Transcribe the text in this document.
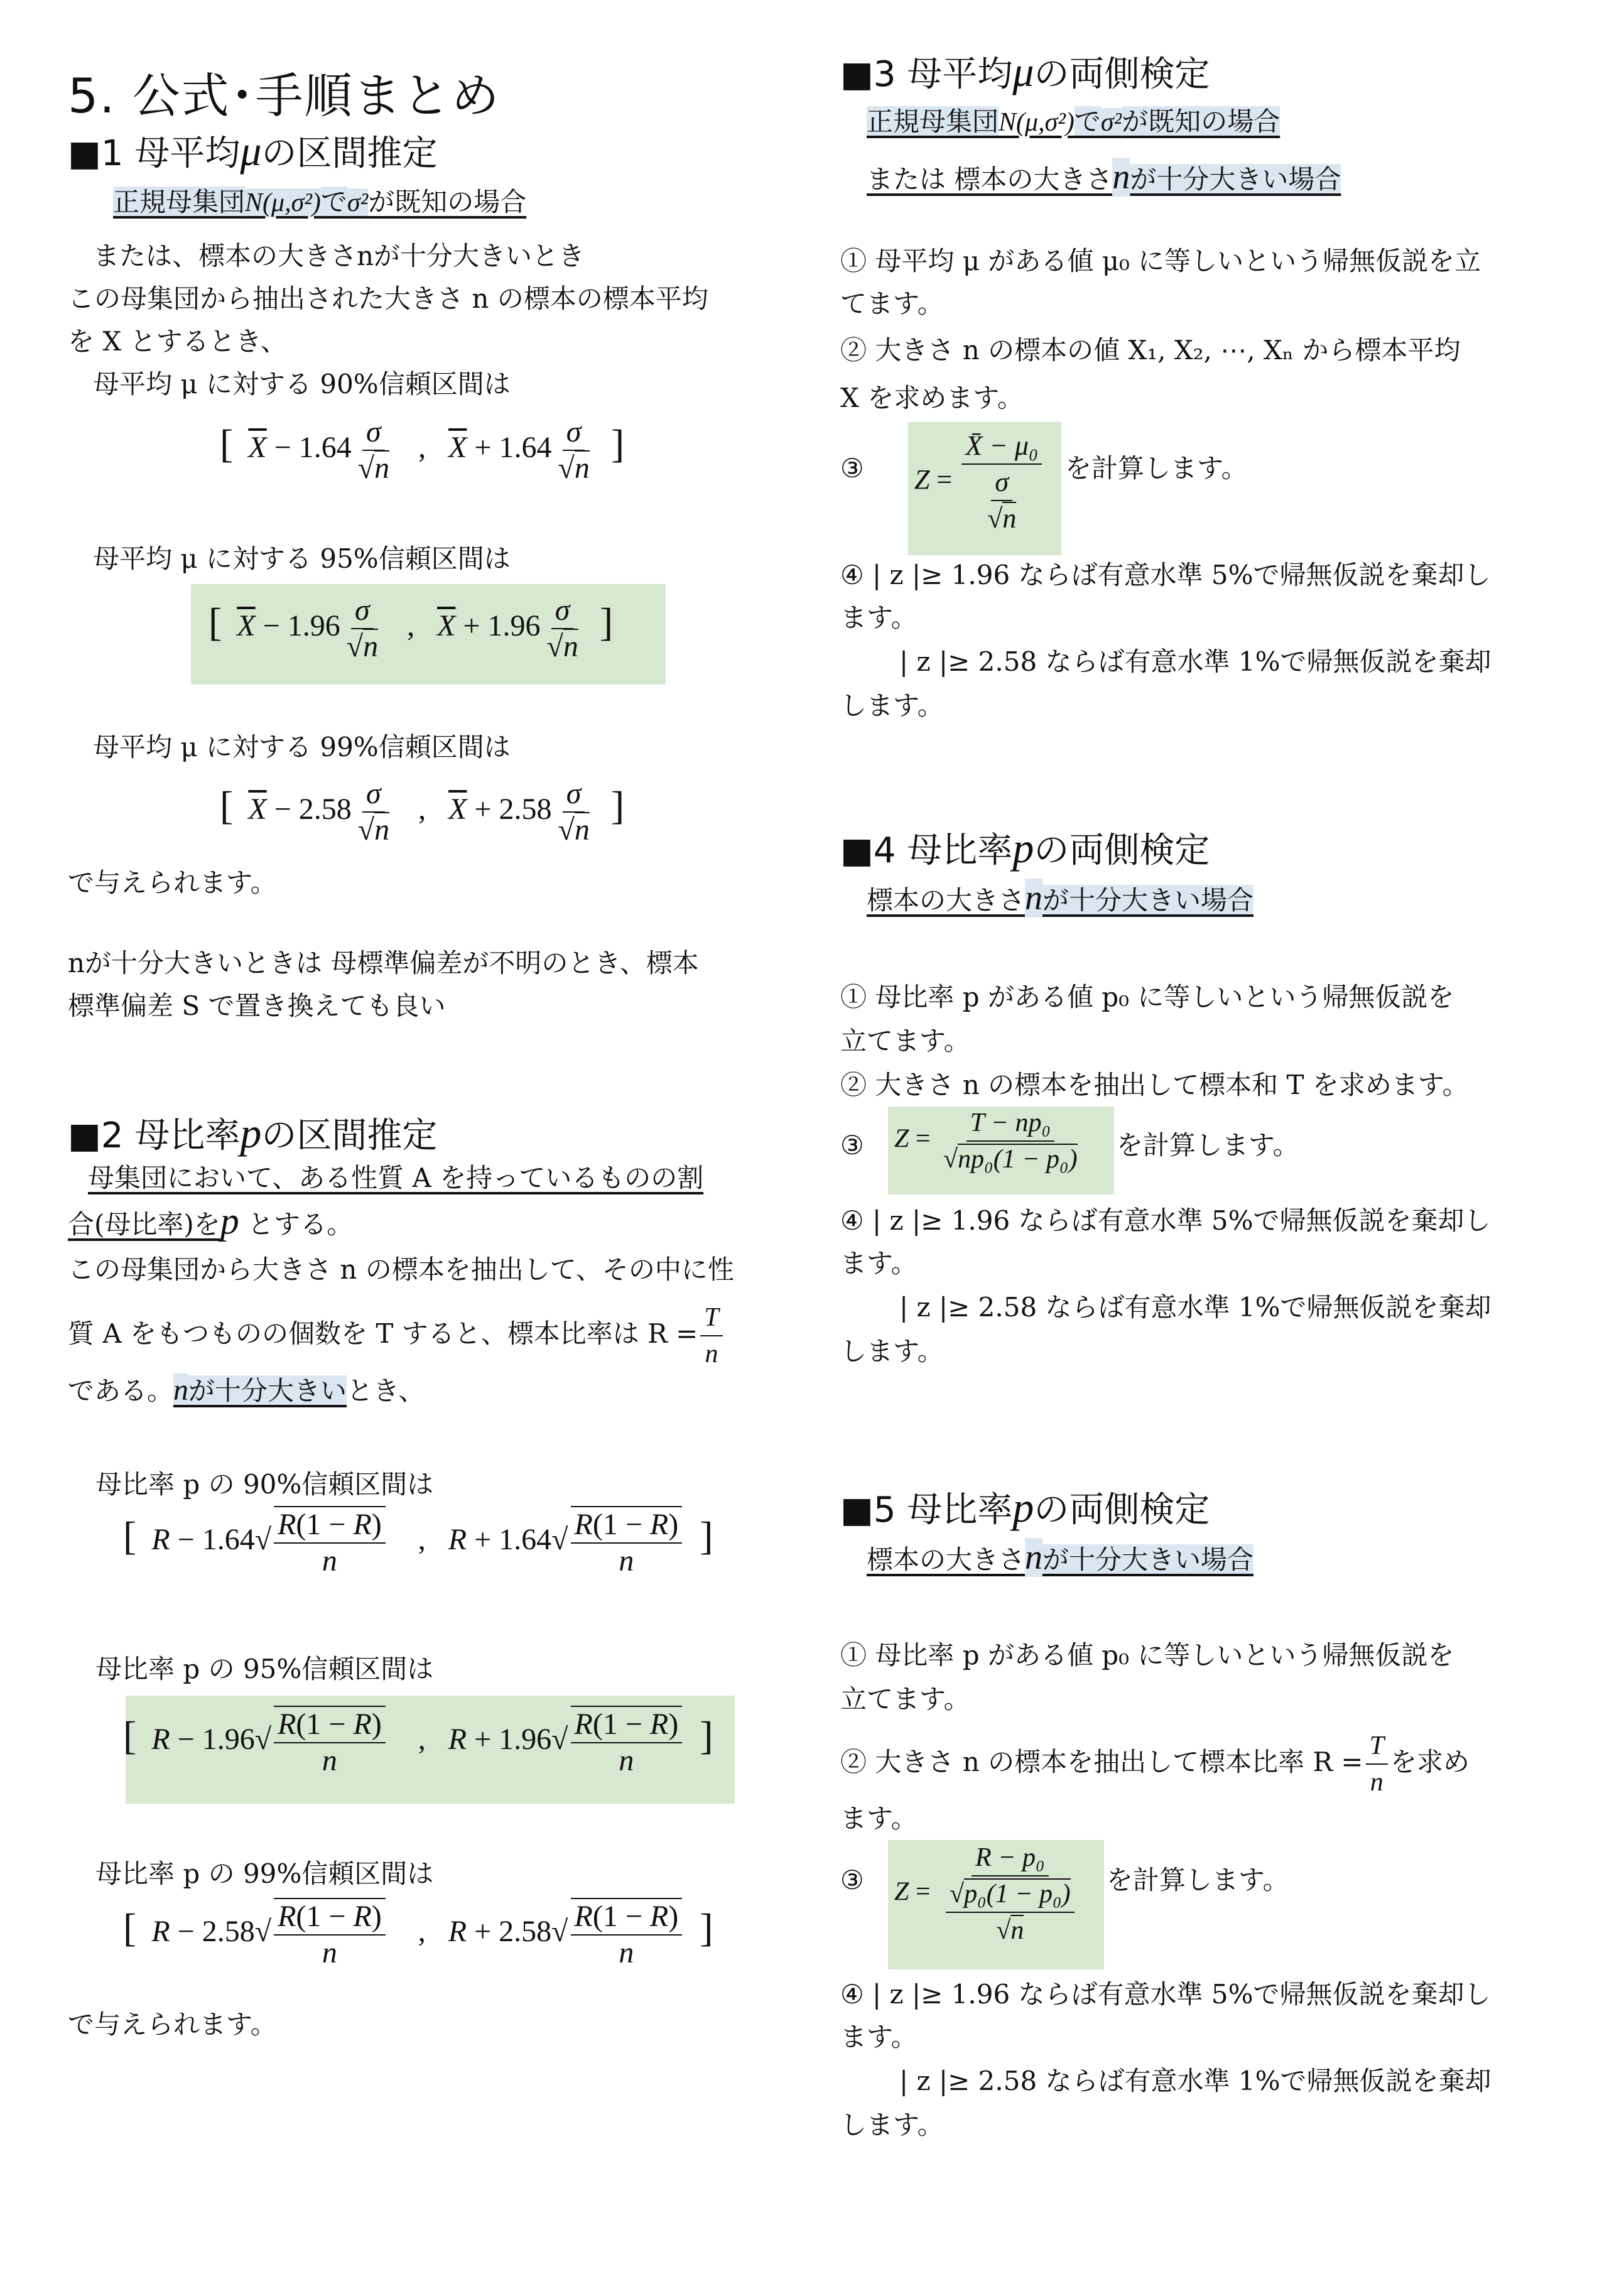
5. 公式･手順まとめ
■1 母平均μの区間推定
正規母集団N(μ,σ²)でσ²が既知の場合
または、標本の大きさnが十分大きいとき
この母集団から抽出された大きさ n の標本の標本平均
を X とするとき、
母平均 μ に対する 90%信頼区間は
[ $\overline{X} - 1.64 \frac{\sigma}{√n}$ ,   $\overline{X} + 1.64 \frac{\sigma}{√n}$ ]
母平均 μ に対する 95%信頼区間は
[ $\overline{X} - 1.96 \frac{\sigma}{√n}$ ,   $\overline{X} + 1.96 \frac{\sigma}{√n}$ ]
母平均 μ に対する 99%信頼区間は
[ $\overline{X} - 2.58 \frac{\sigma}{√n}$ ,   $\overline{X} + 2.58 \frac{\sigma}{√n}$ ]
で与えられます。
nが十分大きいときは 母標準偏差が不明のとき、標本
標準偏差 S で置き換えても良い
■2 母比率pの区間推定
母集団において、ある性質 A を持っているものの割
合(母比率)をp とする。
この母集団から大きさ n の標本を抽出して、その中に性
質 A をもつものの個数を T すると、標本比率は $R = \frac{T}{n}$
である。nが十分大きいとき、
母比率 p の 90%信頼区間は
[ $R - 1.64√ \frac{R(1 - R)}{n}$ ,   $R + 1.64√ \frac{R(1 - R)}{n}$ ]
母比率 p の 95%信頼区間は
[ $R - 1.96√ \frac{R(1 - R)}{n}$ ,   $R + 1.96√ \frac{R(1 - R)}{n}$ ]
母比率 p の 99%信頼区間は
[ $R - 2.58√ \frac{R(1 - R)}{n}$ ,   $R + 2.58√ \frac{R(1 - R)}{n}$ ]
で与えられます。
■3 母平均μの両側検定
正規母集団N(μ,σ²)でσ²が既知の場合
または 標本の大きさnが十分大きい場合
① 母平均 μ がある値 μ₀ に等しいという帰無仮説を立
てます。
② 大きさ n の標本の値 X₁, X₂, ⋯, Xₙ から標本平均
X を求めます。
③ $Z = \frac{\text{X̄ − μ₀}}{\frac{\sigma}{√n}}$ を計算します。
④ | z |≥ 1.96 ならば有意水準 5%で帰無仮説を棄却し
ます。
| z |≥ 2.58 ならば有意水準 1%で帰無仮説を棄却
します。
■4 母比率pの両側検定
標本の大きさnが十分大きい場合
① 母比率 p がある値 p₀ に等しいという帰無仮説を
立てます。
② 大きさ n の標本を抽出して標本和 T を求めます。
③ $Z = \frac{\text{T − np₀}}{\text{√np₀(1 − p₀)}}$ を計算します。
④ | z |≥ 1.96 ならば有意水準 5%で帰無仮説を棄却し
ます。
| z |≥ 2.58 ならば有意水準 1%で帰無仮説を棄却
します。
■5 母比率pの両側検定
標本の大きさnが十分大きい場合
① 母比率 p がある値 p₀ に等しいという帰無仮説を
立てます。
② 大きさ n の標本を抽出して標本比率 $R = \frac{T}{n}$ を求め
ます。
③ $Z = \frac{\text{R − p₀}}{\frac{\text{√p₀(1 − p₀)}}{√n}}$ を計算します。
④ | z |≥ 1.96 ならば有意水準 5%で帰無仮説を棄却し
ます。
| z |≥ 2.58 ならば有意水準 1%で帰無仮説を棄却
します。
